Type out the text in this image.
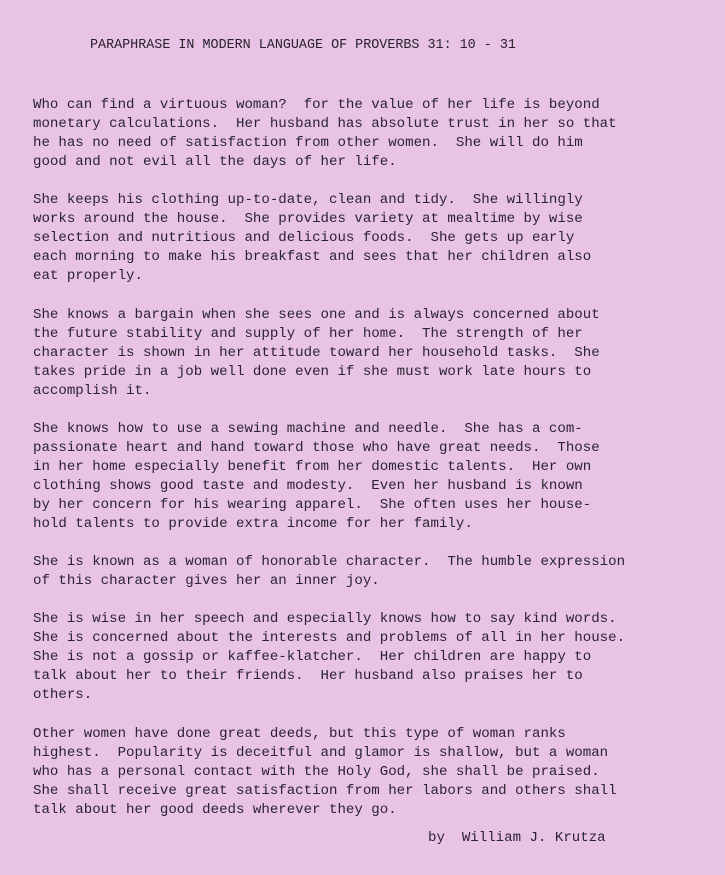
PARAPHRASE IN MODERN LANGUAGE OF PROVERBS 31: 10 - 31
Who can find a virtuous woman?  for the value of her life is beyond
monetary calculations.  Her husband has absolute trust in her so that
he has no need of satisfaction from other women.  She will do him
good and not evil all the days of her life.
She keeps his clothing up-to-date, clean and tidy.  She willingly
works around the house.  She provides variety at mealtime by wise
selection and nutritious and delicious foods.  She gets up early
each morning to make his breakfast and sees that her children also
eat properly.
She knows a bargain when she sees one and is always concerned about
the future stability and supply of her home.  The strength of her
character is shown in her attitude toward her household tasks.  She
takes pride in a job well done even if she must work late hours to
accomplish it.
She knows how to use a sewing machine and needle.  She has a com-
passionate heart and hand toward those who have great needs.  Those
in her home especially benefit from her domestic talents.  Her own
clothing shows good taste and modesty.  Even her husband is known
by her concern for his wearing apparel.  She often uses her house-
hold talents to provide extra income for her family.
She is known as a woman of honorable character.  The humble expression
of this character gives her an inner joy.
She is wise in her speech and especially knows how to say kind words.
She is concerned about the interests and problems of all in her house.
She is not a gossip or kaffee-klatcher.  Her children are happy to
talk about her to their friends.  Her husband also praises her to
others.
Other women have done great deeds, but this type of woman ranks
highest.  Popularity is deceitful and glamor is shallow, but a woman
who has a personal contact with the Holy God, she shall be praised.
She shall receive great satisfaction from her labors and others shall
talk about her good deeds wherever they go.
by  William J. Krutza
